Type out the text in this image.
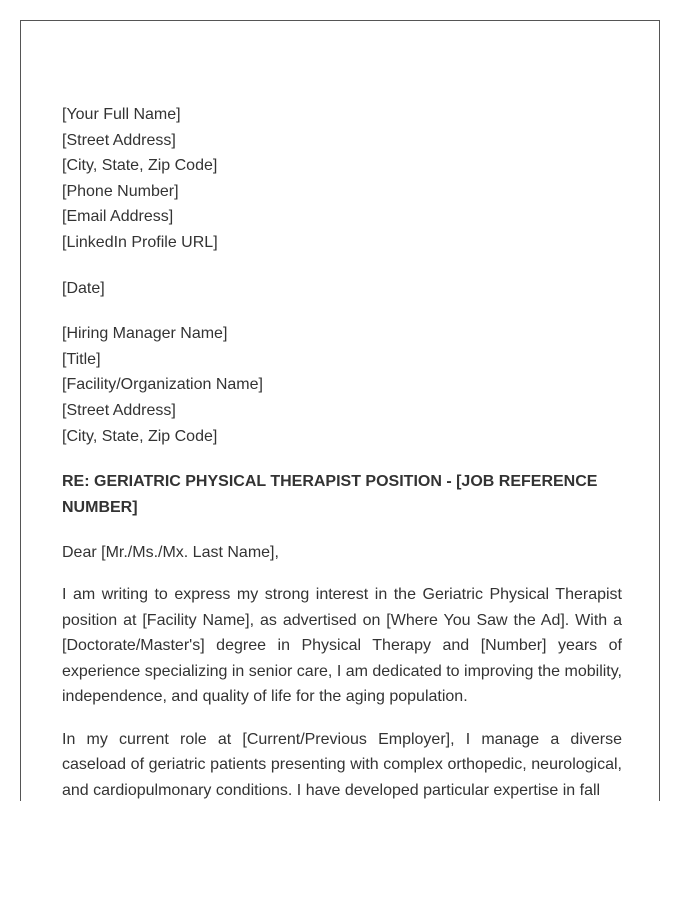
[Your Full Name]
[Street Address]
[City, State, Zip Code]
[Phone Number]
[Email Address]
[LinkedIn Profile URL]
[Date]
[Hiring Manager Name]
[Title]
[Facility/Organization Name]
[Street Address]
[City, State, Zip Code]
RE: GERIATRIC PHYSICAL THERAPIST POSITION - [JOB REFERENCE NUMBER]
Dear [Mr./Ms./Mx. Last Name],

I am writing to express my strong interest in the Geriatric Physical Therapist position at [Facility Name], as advertised on [Where You Saw the Ad]. With a [Doctorate/Master's] degree in Physical Therapy and [Number] years of experience specializing in senior care, I am dedicated to improving the mobility, independence, and quality of life for the aging population.

In my current role at [Current/Previous Employer], I manage a diverse caseload of geriatric patients presenting with complex orthopedic, neurological, and cardiopulmonary conditions. I have developed particular expertise in fall
